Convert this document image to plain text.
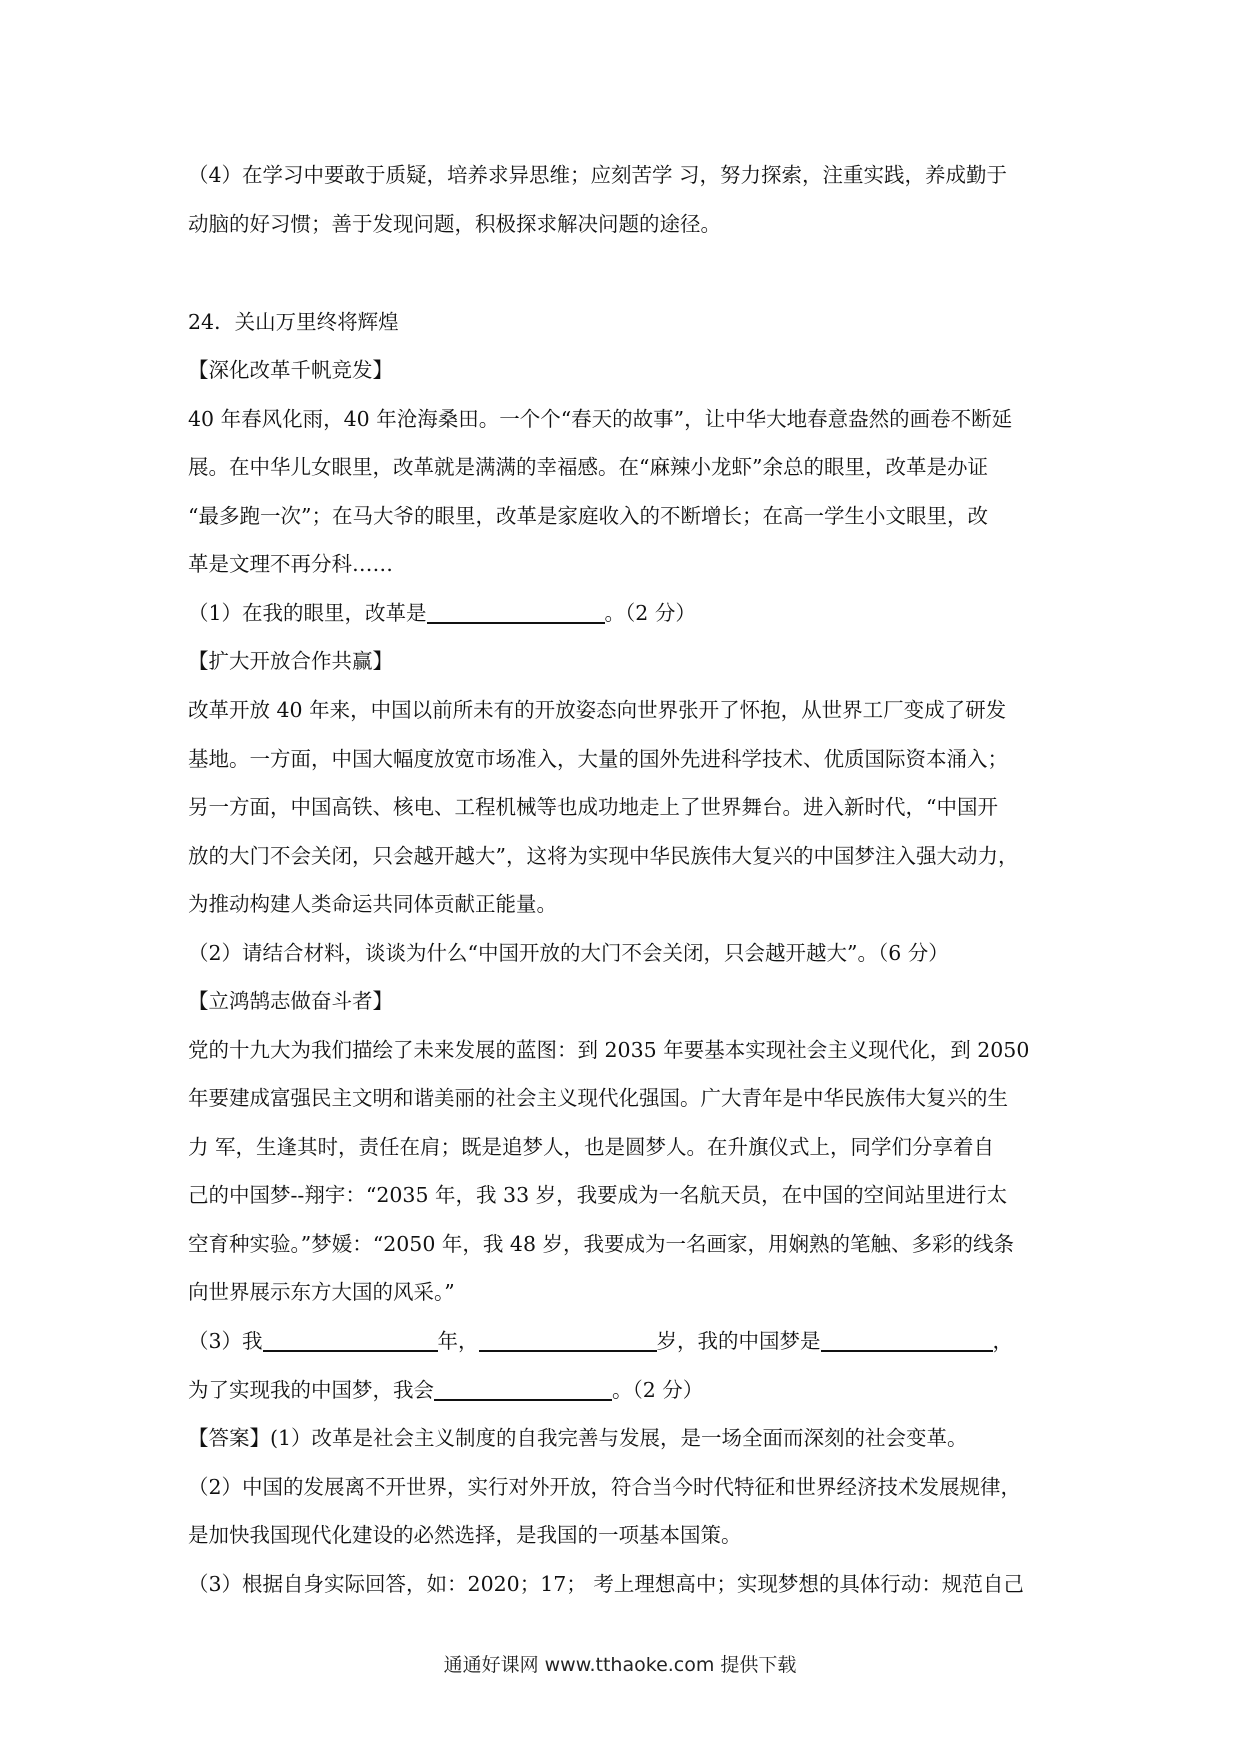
（4）在学习中要敢于质疑，培养求异思维；应刻苦学 习，努力探索，注重实践，养成勤于
动脑的好习惯；善于发现问题，积极探求解决问题的途径。
24．关山万里终将辉煌
【深化改革千帆竞发】
40 年春风化雨，40 年沧海桑田。一个个“春天的故事”，让中华大地春意盎然的画卷不断延
展。在中华儿女眼里，改革就是满满的幸福感。在“麻辣小龙虾”余总的眼里，改革是办证
“最多跑一次”；在马大爷的眼里，改革是家庭收入的不断增长；在高一学生小文眼里，改
革是文理不再分科……
（1）在我的眼里，改革是	。（2 分）
【扩大开放合作共赢】
改革开放 40 年来，中国以前所未有的开放姿态向世界张开了怀抱，从世界工厂变成了研发
基地。一方面，中国大幅度放宽市场准入，大量的国外先进科学技术、优质国际资本涌入；
另一方面，中国高铁、核电、工程机械等也成功地走上了世界舞台。进入新时代，“中国开
放的大门不会关闭，只会越开越大”，这将为实现中华民族伟大复兴的中国梦注入强大动力，
为推动构建人类命运共同体贡献正能量。
（2）请结合材料，谈谈为什么“中国开放的大门不会关闭，只会越开越大”。（6 分）
【立鸿鹄志做奋斗者】
党的十九大为我们描绘了未来发展的蓝图：到 2035 年要基本实现社会主义现代化，到 2050
年要建成富强民主文明和谐美丽的社会主义现代化强国。广大青年是中华民族伟大复兴的生
力 军，生逢其时，责任在肩；既是追梦人，也是圆梦人。在升旗仪式上，同学们分享着自
己的中国梦--翔宇：“2035 年，我 33 岁，我要成为一名航天员，在中国的空间站里进行太
空育种实验。”梦媛：“2050 年，我 48 岁，我要成为一名画家，用娴熟的笔触、多彩的线条
向世界展示东方大国的风采。”
（3）我	年，	岁，我的中国梦是	，
为了实现我的中国梦，我会	。（2 分）
【答案】(1）改革是社会主义制度的自我完善与发展，是一场全面而深刻的社会变革。
（2）中国的发展离不开世界，实行对外开放，符合当今时代特征和世界经济技术发展规律，
是加快我国现代化建设的必然选择，是我国的一项基本国策。
（3）根据自身实际回答，如：2020；17； 考上理想高中；实现梦想的具体行动：规范自己
通通好课网 www.tthaoke.com 提供下载
